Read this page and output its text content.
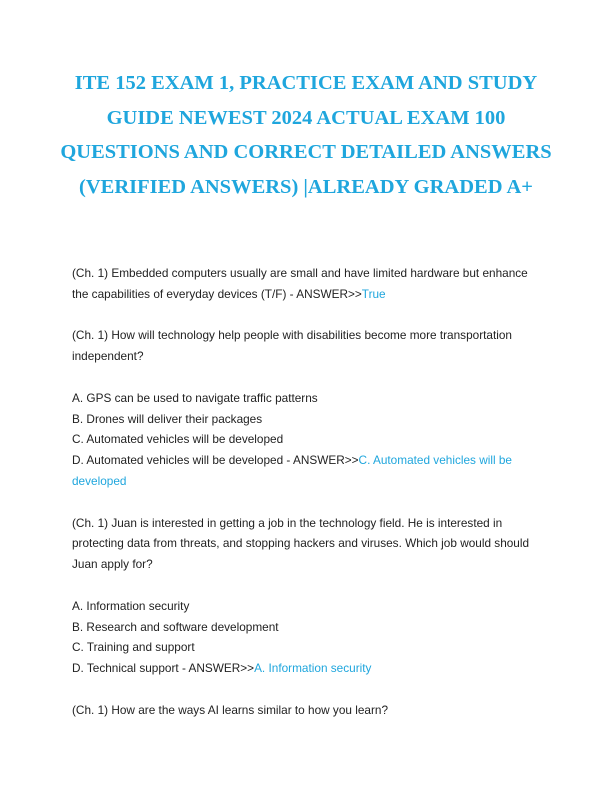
ITE 152 EXAM 1, PRACTICE EXAM AND STUDY GUIDE NEWEST 2024 ACTUAL EXAM 100 QUESTIONS AND CORRECT DETAILED ANSWERS (VERIFIED ANSWERS) |ALREADY GRADED A+

(Ch. 1) Embedded computers usually are small and have limited hardware but enhance the capabilities of everyday devices (T/F) - ANSWER>>True

(Ch. 1) How will technology help people with disabilities become more transportation independent?

A. GPS can be used to navigate traffic patterns

B. Drones will deliver their packages

C. Automated vehicles will be developed

D. Automated vehicles will be developed - ANSWER>>C. Automated vehicles will be developed

(Ch. 1) Juan is interested in getting a job in the technology field. He is interested in protecting data from threats, and stopping hackers and viruses. Which job would should Juan apply for?

A. Information security

B. Research and software development

C. Training and support

D. Technical support - ANSWER>>A. Information security

(Ch. 1) How are the ways AI learns similar to how you learn?
